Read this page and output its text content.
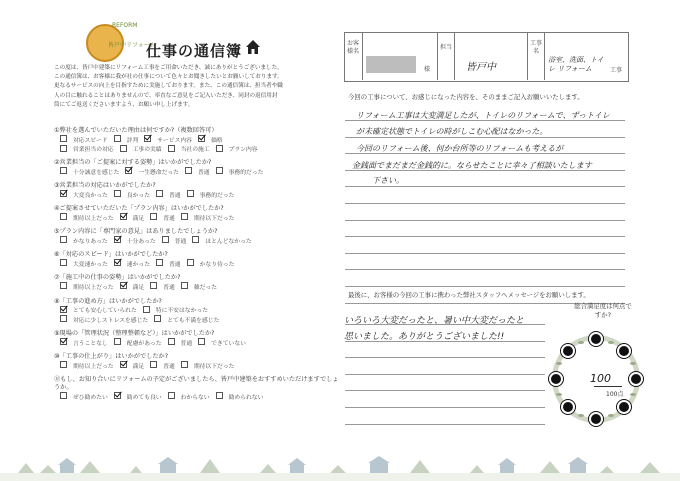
皆戸中リフォーム
REFORM
仕事の通信簿
この度は、皆戸中建築にリフォーム工事をご用命いただき、誠にありがとうございました。
この通信簿は、お客様に我が社の仕事について色々とお聞きしたいとお願いしております。
更なるサービスの向上を目指すために実施しております。また、この通信簿は、担当者や職
人の目に触れることはありませんので、率直なご意見をご記入いただき、同封の返信用封
筒にてご返送くださいますよう、お願い申し上げます。
お客様名
様
担当
皆戸中
工事名
浴室、洗面、トイレ リフォーム	工事
①弊社を選んでいただいた理由は何ですか?（複数回答可）
対応スピード	評判	サービス内容	価格
営業担当の対応	工事の実績	当社の施工	プラン内容
②営業担当の「ご提案に対する姿勢」はいかがでしたか?
十分誠意を感じた	一生懸命だった	普通	事務的だった
③営業担当の対応はいかがでしたか?
大変良かった	良かった	普通	事務的だった
④ご提案させていただいた「プラン内容」はいかがでしたか?
期待以上だった	満足	普通	期待以下だった
⑤プラン内容に「専門家の意見」はありましたでしょうか?
かなりあった	十分あった	普通	ほとんどなかった
⑥「対応のスピード」はいかがでしたか?
大変速かった	速かった	普通	かなり待った
⑦「施工中の仕事の姿勢」はいかがでしたか?
期待以上だった	満足	普通	雑だった
⑧「工事の進め方」はいかがでしたか?
とても安心していられた	特に不安はなかった
対応に少しストレスを感じた	とても不満を感じた
⑨現場の「管理状況（整理整頓など）」はいかがでしたか?
言うことなし	配慮があった	普通	できていない
⑩「工事の仕上がり」はいかがでしたか?
期待以上だった	満足	普通	期待以下だった
⑪もし、お知り合いにリフォームの予定がございましたら、皆戸中建築をおすすめいただけますでしょうか。
ぜひ勧めたい	勧めても良い	わからない	勧められない
今回の工事について、お感じになった内容を、そのままご記入お願いいたします。
リフォーム工事は大変満足したが、トイレのリフォームで、ずっトイレ
が未確定状態でトイレの時がしこむ心配はなかった。
今回のリフォーム後、何か台所等のリフォームも考えるが
金銭面でまだまだ金銭的に。ならせたことに幸々了相談いたします
下さい。
最後に、お客様の今回の工事に携わった弊社スタッフへメッセージをお願いします。
いろいろ大変だったと、暑い中大変だったと
思いました。ありがとうございました!!
総合満足度は何点ですか?
100
100点
